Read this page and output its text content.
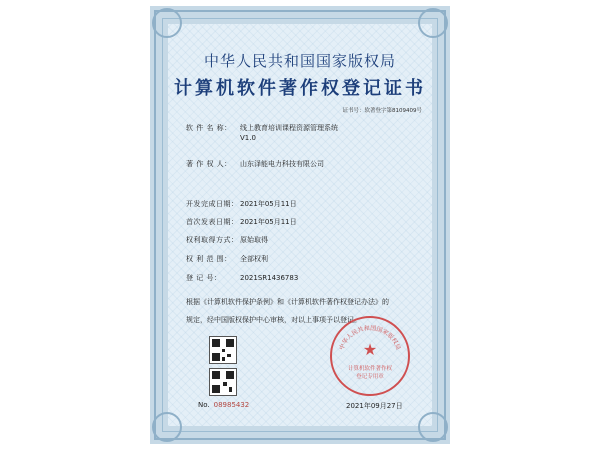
中华人民共和国国家版权局
计算机软件著作权登记证书
证书号：软著登字第8109409号
软 件 名 称： 线上教育培训课程资源管理系统
V1.0
著 作 权 人： 山东泽能电力科技有限公司
开发完成日期： 2021年05月11日
首次发表日期： 2021年05月11日
权利取得方式： 原始取得
权 利 范 围： 全部权利
登 记 号：	2021SR1436783
根据《计算机软件保护条例》和《计算机软件著作权登记办法》的
规定，经中国版权保护中心审核，对以上事项予以登记。
No. 08985432	2021年09月27日
中华人民共和国国家版权局
★
计算机软件著作权
登记专用章
